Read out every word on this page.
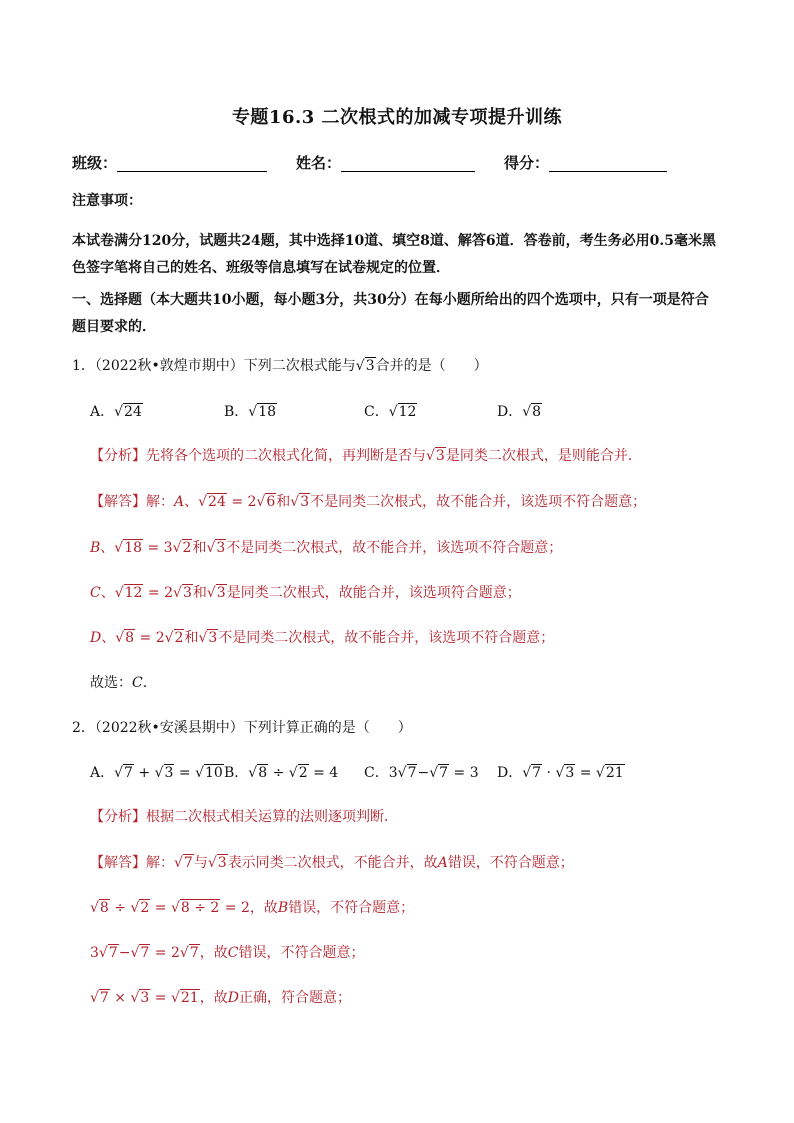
专题16.3 二次根式的加减专项提升训练
班级：	姓名：	得分：
注意事项：
本试卷满分120分，试题共24题，其中选择10道、填空8道、解答6道．答卷前，考生务必用0.5毫米黑色签字笔将自己的姓名、班级等信息填写在试卷规定的位置．
一、选择题（本大题共10小题，每小题3分，共30分）在每小题所给出的四个选项中，只有一项是符合题目要求的．
1．（2022秋•敦煌市期中）下列二次根式能与 √ 3合并的是（　　）
A． √ 24	B． √ 18	C． √ 12	D． √ 8
【分析】先将各个选项的二次根式化简，再判断是否与 √ 3是同类二次根式，是则能合并．
【解答】解：A、 √ 24 = 2 √ 6和 √ 3不是同类二次根式，故不能合并，该选项不符合题意；
B、 √ 18 = 3 √ 2和 √ 3不是同类二次根式，故不能合并，该选项不符合题意；
C、 √ 12 = 2 √ 3和 √ 3是同类二次根式，故能合并，该选项符合题意；
D、 √ 8 = 2 √ 2和 √ 3不是同类二次根式，故不能合并，该选项不符合题意；
故选：C.
2．（2022秋•安溪县期中）下列计算正确的是（　　）
A． √ 7 + √ 3 = √ 10 B． √ 8 ÷ √ 2 = 4 C．3 √ 7− √ 7 = 3 D． √ 7 · √ 3 = √ 21
【分析】根据二次根式相关运算的法则逐项判断．
【解答】解： √ 7与 √ 3表示同类二次根式，不能合并，故A错误，不符合题意；
√ 8 ÷ √ 2 = √ 8 ÷ 2 = 2，故B错误，不符合题意；
3 √ 7− √ 7 = 2 √ 7，故C错误，不符合题意；
√ 7 × √ 3 = √ 21，故D正确，符合题意；
